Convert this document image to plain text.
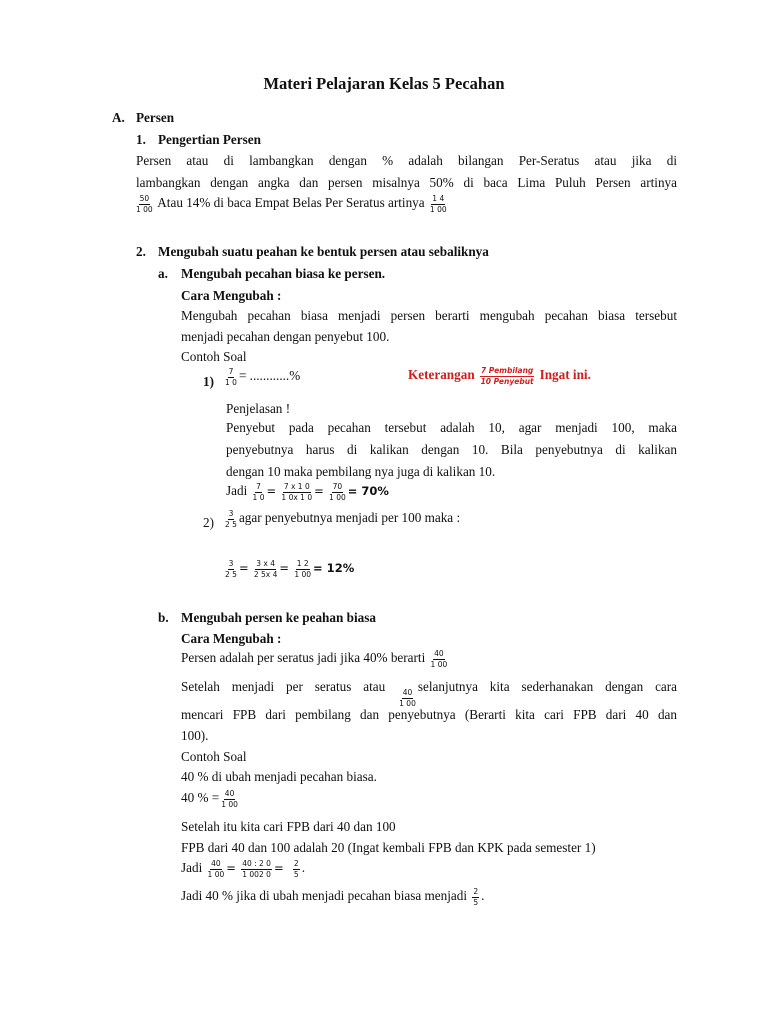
Materi Pelajaran Kelas 5 Pecahan
A. Persen
1. Pengertian Persen
Persen atau di lambangkan dengan % adalah bilangan Per-Seratus atau jika di
lambangkan dengan angka dan persen misalnya 50% di baca Lima Puluh Persen artinya
$\frac{50}{1 00}$ Atau 14% di baca Empat Belas Per Seratus artinya $\frac{1 4}{1 00}$
2. Mengubah suatu peahan ke bentuk persen atau sebaliknya
a. Mengubah pecahan biasa ke persen.
Cara Mengubah :
Mengubah pecahan biasa menjadi persen berarti mengubah pecahan biasa tersebut
menjadi pecahan dengan penyebut 100.
Contoh Soal
$1) \frac{7}{1 0}$ = ............%	Keterangan $\frac{\text{7 Pembilang}}{\text{10 Penyebut}}$ Ingat ini.
Penjelasan !
Penyebut pada pecahan tersebut adalah 10, agar menjadi 100, maka
penyebutnya harus di kalikan dengan 10. Bila penyebutnya di kalikan
dengan 10 maka pembilang nya juga di kalikan 10.
Jadi $\frac{7}{1 0} = \frac{7 x 1 0}{1 0x 1 0} = \frac{70}{1 00} = 70\%$
$2) \frac{3}{2 5}$ agar penyebutnya menjadi per 100 maka :
$\frac{3}{2 5} = \frac{3 x 4}{2 5x 4} = \frac{1 2}{1 00} = 12\%$
b. Mengubah persen ke peahan biasa
Cara Mengubah :
Persen adalah per seratus jadi jika 40% berarti $\frac{40}{1 00}$
Setelah menjadi per seratus atau
$\frac{40}{1 00}$
selanjutnya kita sederhanakan dengan cara
mencari FPB dari pembilang dan penyebutnya (Berarti kita cari FPB dari 40 dan
100).
Contoh Soal
40 % di ubah menjadi pecahan biasa.
40 % = $\frac{40}{1 00}$
Setelah itu kita cari FPB dari 40 dan 100
FPB dari 40 dan 100 adalah 20 (Ingat kembali FPB dan KPK pada semester 1)
Jadi $\frac{40}{1 00} = \frac{40 : 2 0}{1 002 0} = \frac{2}{5}$ .
Jadi 40 % jika di ubah menjadi pecahan biasa menjadi $\frac{2}{5}$ .
